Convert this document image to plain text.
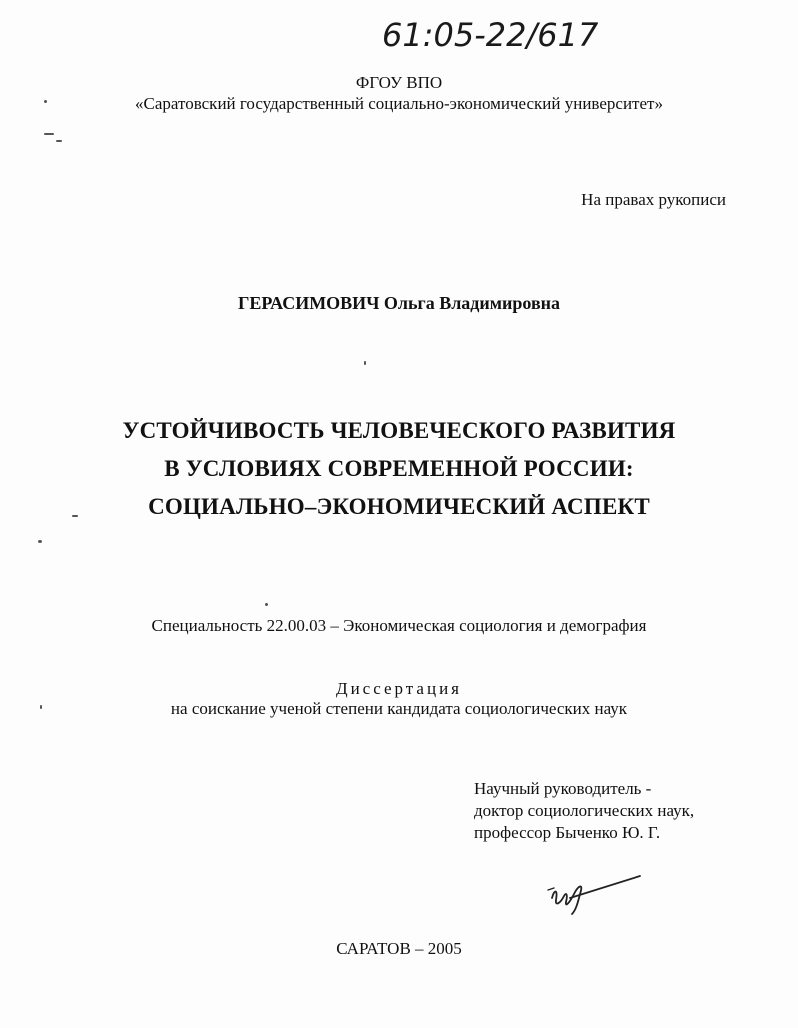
61:05-22/617
ФГОУ ВПО
«Саратовский государственный социально-экономический университет»
На правах рукописи
ГЕРАСИМОВИЧ Ольга Владимировна
УСТОЙЧИВОСТЬ ЧЕЛОВЕЧЕСКОГО РАЗВИТИЯ
В УСЛОВИЯХ СОВРЕМЕННОЙ РОССИИ:
СОЦИАЛЬНО–ЭКОНОМИЧЕСКИЙ АСПЕКТ
Специальность 22.00.03 – Экономическая социология и демография
Диссертация
на соискание ученой степени кандидата социологических наук
Научный руководитель -
доктор социологических наук,
профессор Быченко Ю. Г.
САРАТОВ – 2005
